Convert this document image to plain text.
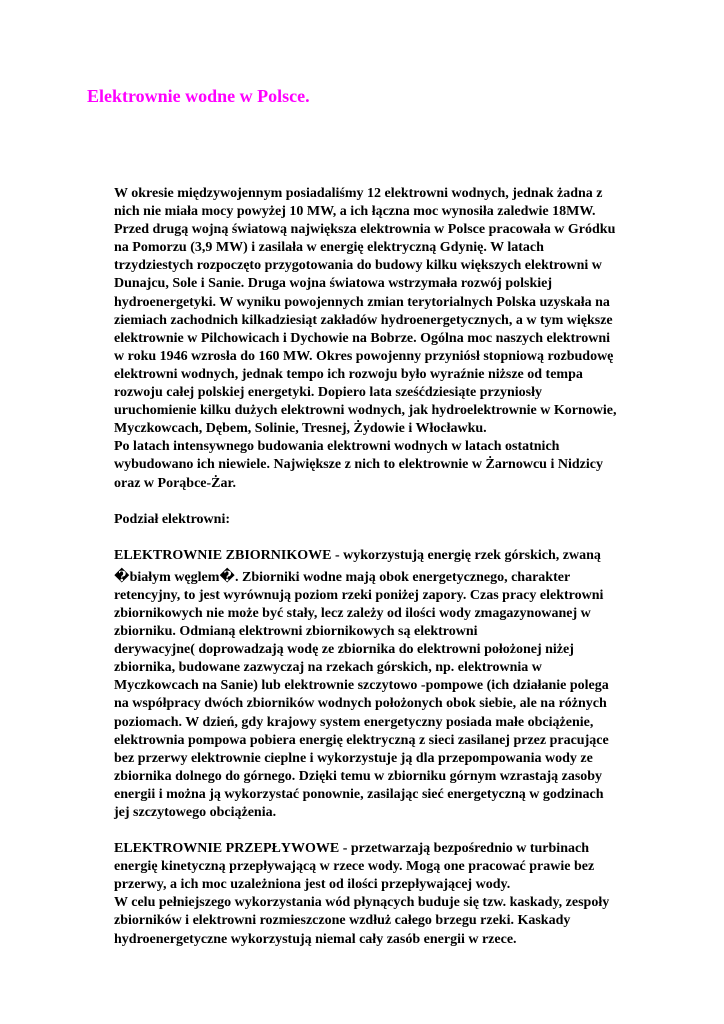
Elektrownie wodne w Polsce.

W okresie międzywojennym posiadaliśmy 12 elektrowni wodnych, jednak żadna z
nich nie miała mocy powyżej 10 MW, a ich łączna moc wynosiła zaledwie 18MW.
Przed drugą wojną światową największa elektrownia w Polsce pracowała w Gródku
na Pomorzu (3,9 MW) i zasilała w energię elektryczną Gdynię. W latach
trzydziestych rozpoczęto przygotowania do budowy kilku większych elektrowni w
Dunajcu, Sole i Sanie. Druga wojna światowa wstrzymała rozwój polskiej
hydroenergetyki. W wyniku powojennych zmian terytorialnych Polska uzyskała na
ziemiach zachodnich kilkadziesiąt zakładów hydroenergetycznych, a w tym większe
elektrownie w Pilchowicach i Dychowie na Bobrze. Ogólna moc naszych elektrowni
w roku 1946 wzrosła do 160 MW. Okres powojenny przyniósł stopniową rozbudowę
elektrowni wodnych, jednak tempo ich rozwoju było wyraźnie niższe od tempa
rozwoju całej polskiej energetyki. Dopiero lata sześćdziesiąte przyniosły
uruchomienie kilku dużych elektrowni wodnych, jak hydroelektrownie w Kornowie,
Myczkowcach, Dębem, Solinie, Tresnej, Żydowie i Włocławku.
Po latach intensywnego budowania elektrowni wodnych w latach ostatnich
wybudowano ich niewiele. Największe z nich to elektrownie w Żarnowcu i Nidzicy
oraz w Porąbce-Żar.

Podział elektrowni:

ELEKTROWNIE ZBIORNIKOWE - wykorzystują energię rzek górskich, zwaną

�białym węglem�. Zbiorniki wodne mają obok energetycznego, charakter
retencyjny, to jest wyrównują poziom rzeki poniżej zapory. Czas pracy elektrowni
zbiornikowych nie może być stały, lecz zależy od ilości wody zmagazynowanej w
zbiorniku. Odmianą elektrowni zbiornikowych są elektrowni
derywacyjne( doprowadzają wodę ze zbiornika do elektrowni położonej niżej
zbiornika, budowane zazwyczaj na rzekach górskich, np. elektrownia w
Myczkowcach na Sanie) lub elektrownie szczytowo -pompowe (ich działanie polega
na współpracy dwóch zbiorników wodnych położonych obok siebie, ale na różnych
poziomach. W dzień, gdy krajowy system energetyczny posiada małe obciążenie,
elektrownia pompowa pobiera energię elektryczną z sieci zasilanej przez pracujące
bez przerwy elektrownie cieplne i wykorzystuje ją dla przepompowania wody ze
zbiornika dolnego do górnego. Dzięki temu w zbiorniku górnym wzrastają zasoby
energii i można ją wykorzystać ponownie, zasilając sieć energetyczną w godzinach
jej szczytowego obciążenia.

ELEKTROWNIE PRZEPŁYWOWE - przetwarzają bezpośrednio w turbinach
energię kinetyczną przepływającą w rzece wody. Mogą one pracować prawie bez
przerwy, a ich moc uzależniona jest od ilości przepływającej wody.
W celu pełniejszego wykorzystania wód płynących buduje się tzw. kaskady, zespoły
zbiorników i elektrowni rozmieszczone wzdłuż całego brzegu rzeki. Kaskady
hydroenergetyczne wykorzystują niemal cały zasób energii w rzece.
